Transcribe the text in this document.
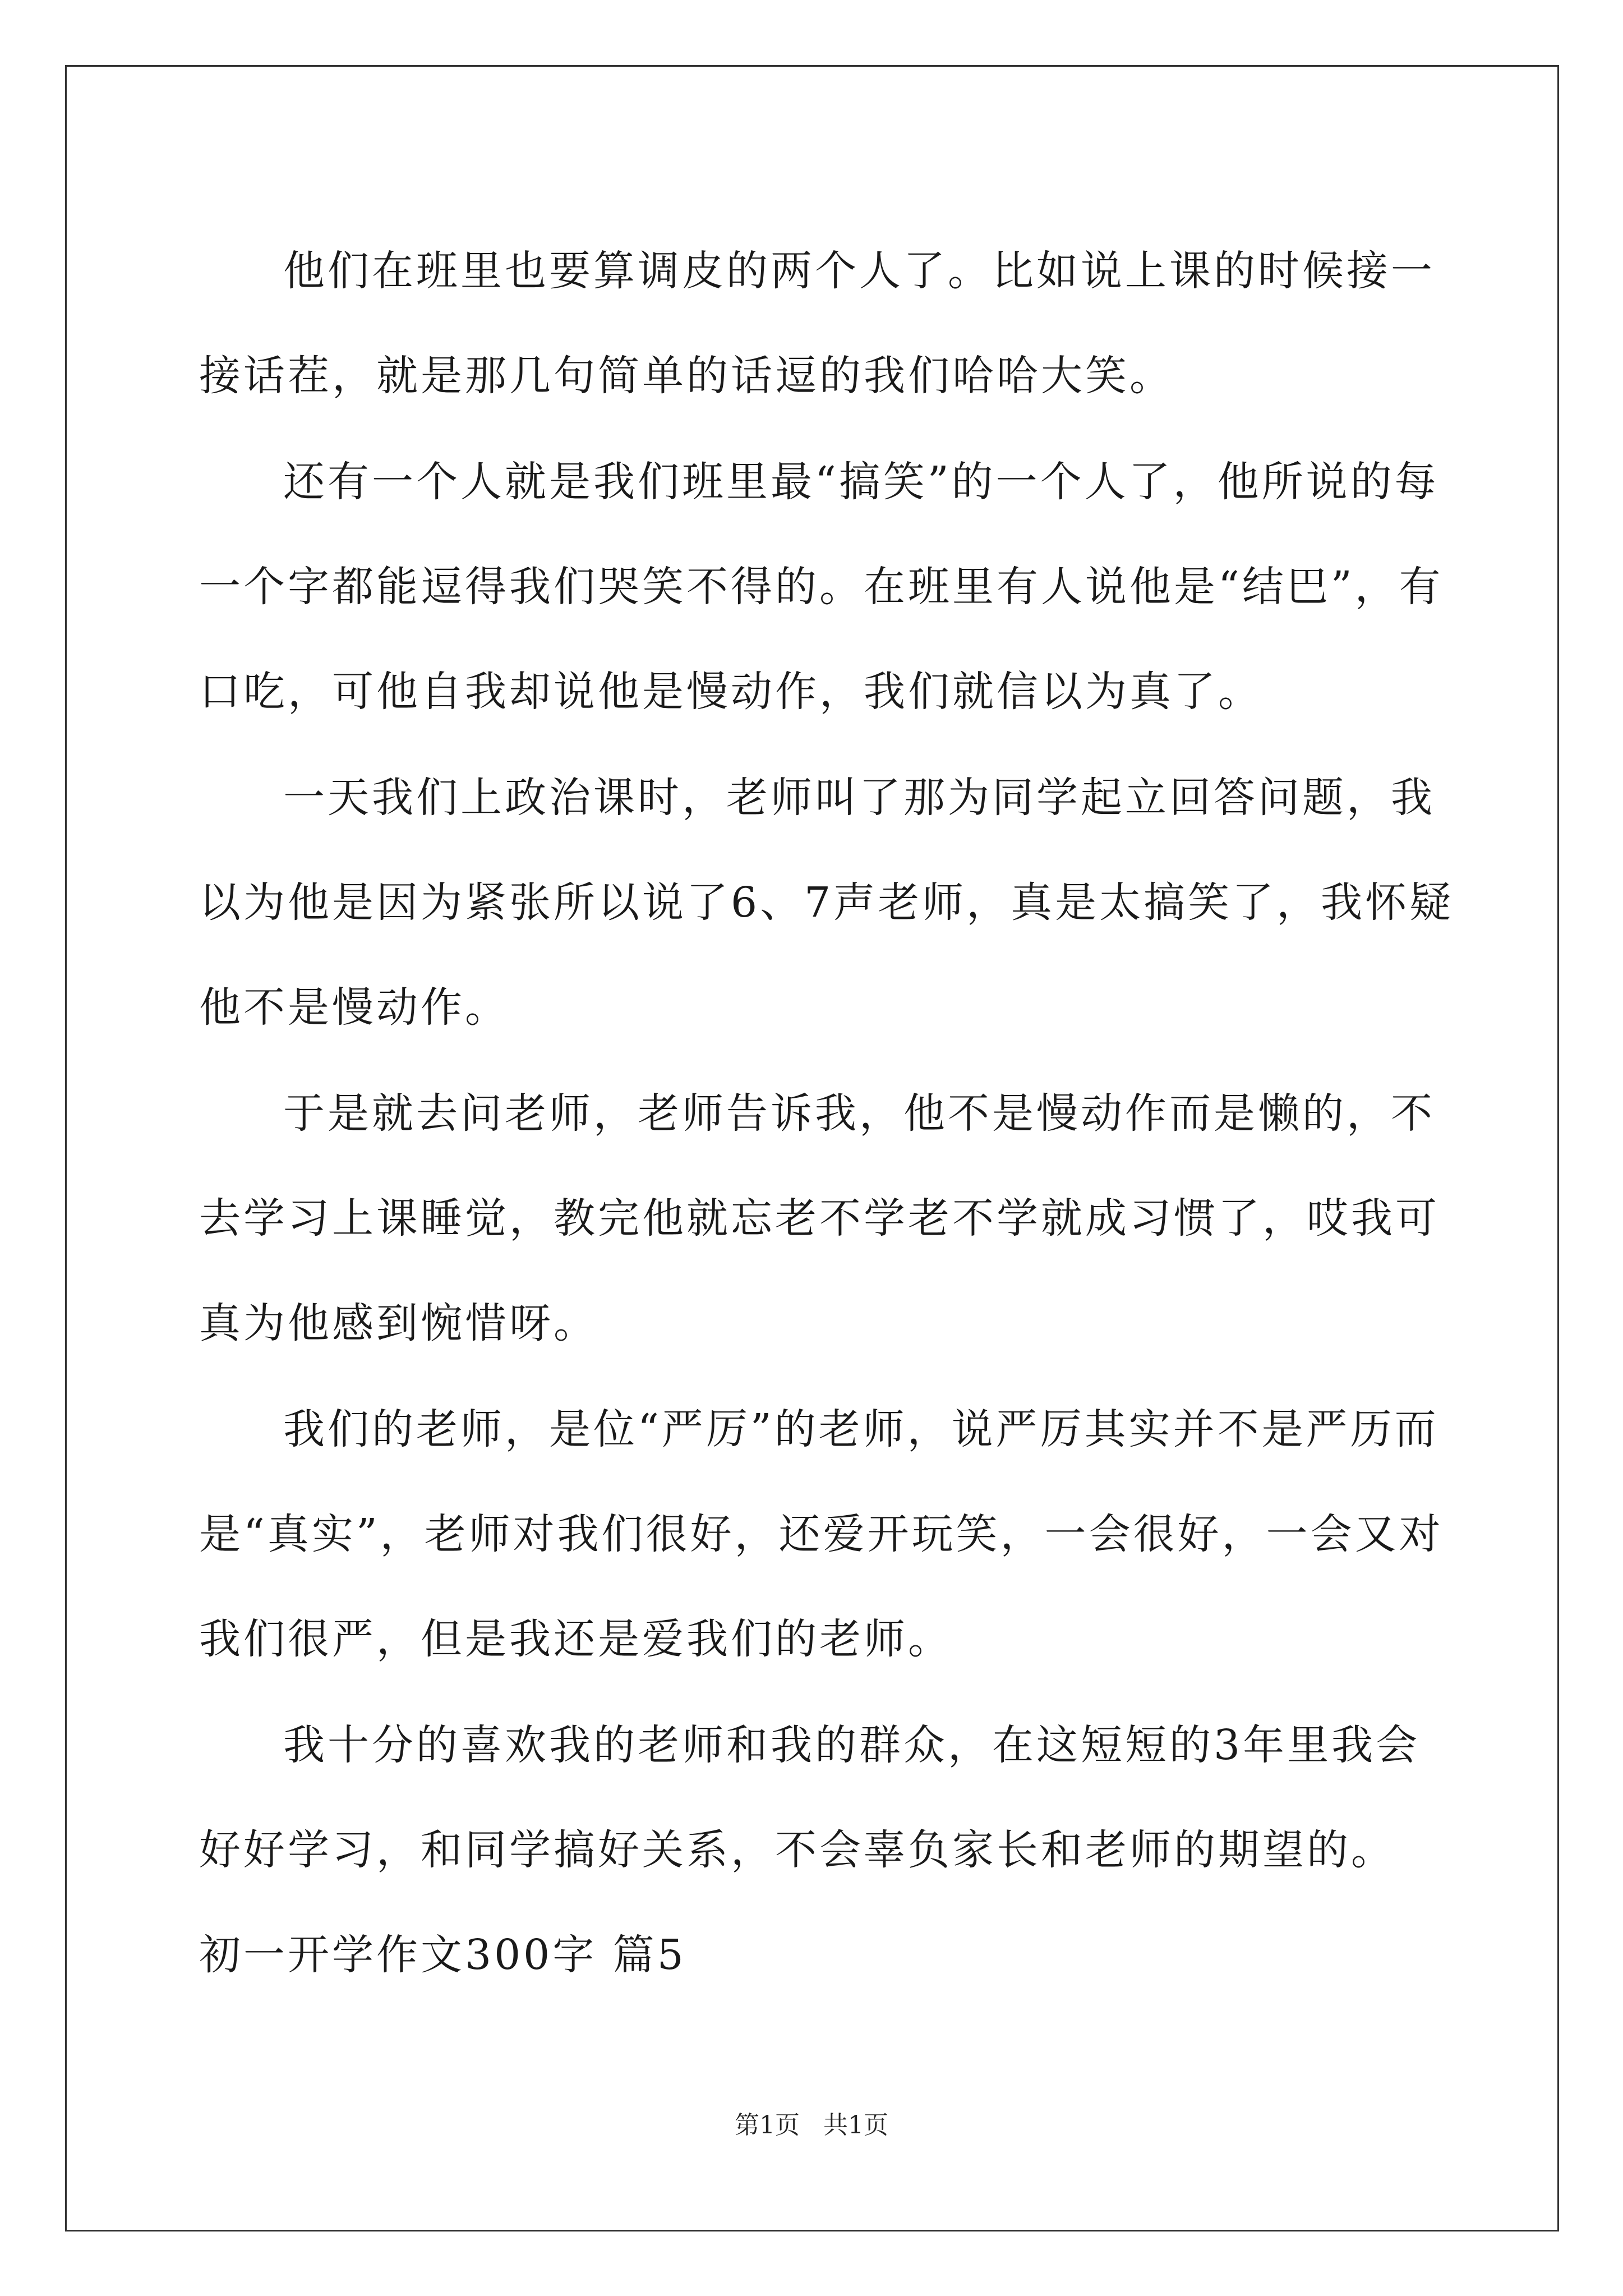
他们在班里也要算调皮的两个人了。比如说上课的时候接一接话茬，就是那几句简单的话逗的我们哈哈大笑。

还有一个人就是我们班里最“搞笑”的一个人了，他所说的每一个字都能逗得我们哭笑不得的。在班里有人说他是“结巴”，有口吃，可他自我却说他是慢动作，我们就信以为真了。

一天我们上政治课时，老师叫了那为同学起立回答问题，我以为他是因为紧张所以说了6、7声老师，真是太搞笑了，我怀疑他不是慢动作。

于是就去问老师，老师告诉我，他不是慢动作而是懒的，不去学习上课睡觉，教完他就忘老不学老不学就成习惯了，哎我可真为他感到惋惜呀。

我们的老师，是位“严厉”的老师，说严厉其实并不是严历而是“真实”，老师对我们很好，还爱开玩笑，一会很好，一会又对我们很严，但是我还是爱我们的老师。

我十分的喜欢我的老师和我的群众，在这短短的3年里我会好好学习，和同学搞好关系，不会辜负家长和老师的期望的。

初一开学作文300字 篇5

第1页   共1页
